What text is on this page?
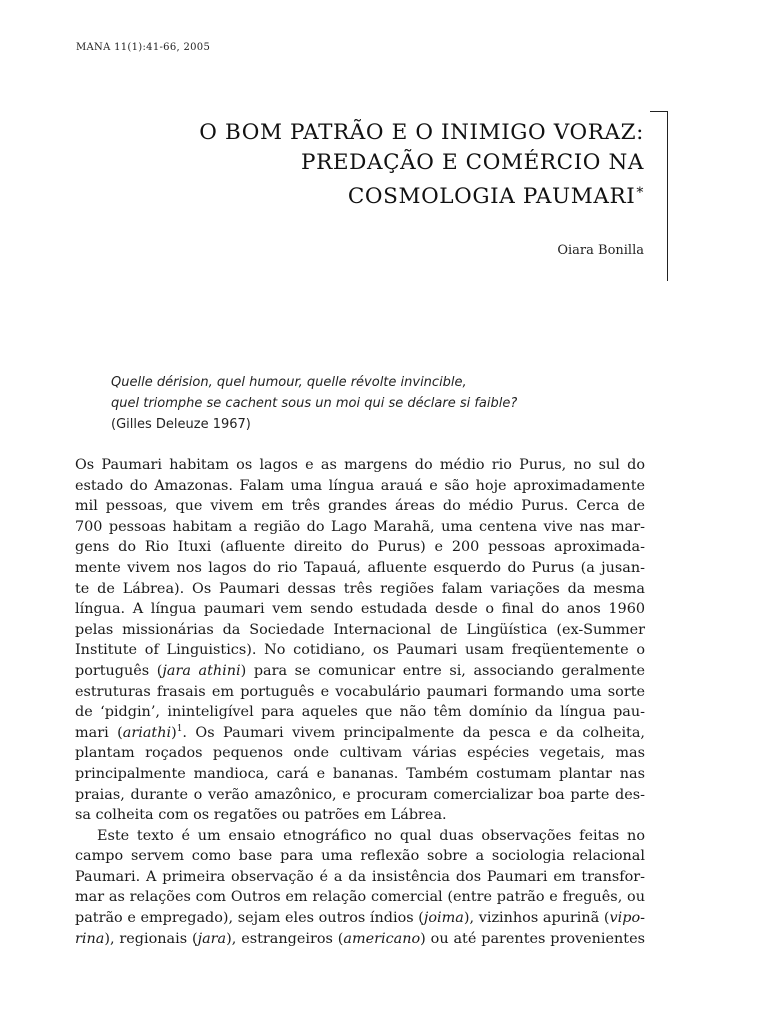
MANA 11(1):41-66, 2005
O BOM PATRÃO E O INIMIGO VORAZ:
PREDAÇÃO E COMÉRCIO NA
COSMOLOGIA PAUMARI*
Oiara Bonilla
Quelle dérision, quel humour, quelle révolte invincible,
quel triomphe se cachent sous un moi qui se déclare si faible?
(Gilles Deleuze 1967)
Os Paumari habitam os lagos e as margens do médio rio Purus, no sul do
estado do Amazonas. Falam uma língua arauá e são hoje aproximadamente
mil pessoas, que vivem em três grandes áreas do médio Purus. Cerca de
700 pessoas habitam a região do Lago Marahã, uma centena vive nas mar-
gens do Rio Ituxi (afluente direito do Purus) e 200 pessoas aproximada-
mente vivem nos lagos do rio Tapauá, afluente esquerdo do Purus (a jusan-
te de Lábrea). Os Paumari dessas três regiões falam variações da mesma
língua. A língua paumari vem sendo estudada desde o final do anos 1960
pelas missionárias da Sociedade Internacional de Lingüística (ex-Summer
Institute of Linguistics). No cotidiano, os Paumari usam freqüentemente o
português (jara athini) para se comunicar entre si, associando geralmente
estruturas frasais em português e vocabulário paumari formando uma sorte
de ‘pidgin’, ininteligível para aqueles que não têm domínio da língua pau-
mari (ariathi)$^1$. Os Paumari vivem principalmente da pesca e da colheita,
plantam roçados pequenos onde cultivam várias espécies vegetais, mas
principalmente mandioca, cará e bananas. Também costumam plantar nas
praias, durante o verão amazônico, e procuram comercializar boa parte des-
sa colheita com os regatões ou patrões em Lábrea.
Este texto é um ensaio etnográfico no qual duas observações feitas no
campo servem como base para uma reflexão sobre a sociologia relacional
Paumari. A primeira observação é a da insistência dos Paumari em transfor-
mar as relações com Outros em relação comercial (entre patrão e freguês, ou
patrão e empregado), sejam eles outros índios (joima), vizinhos apurinã (vipo-
rina), regionais (jara), estrangeiros (americano) ou até parentes provenientes
